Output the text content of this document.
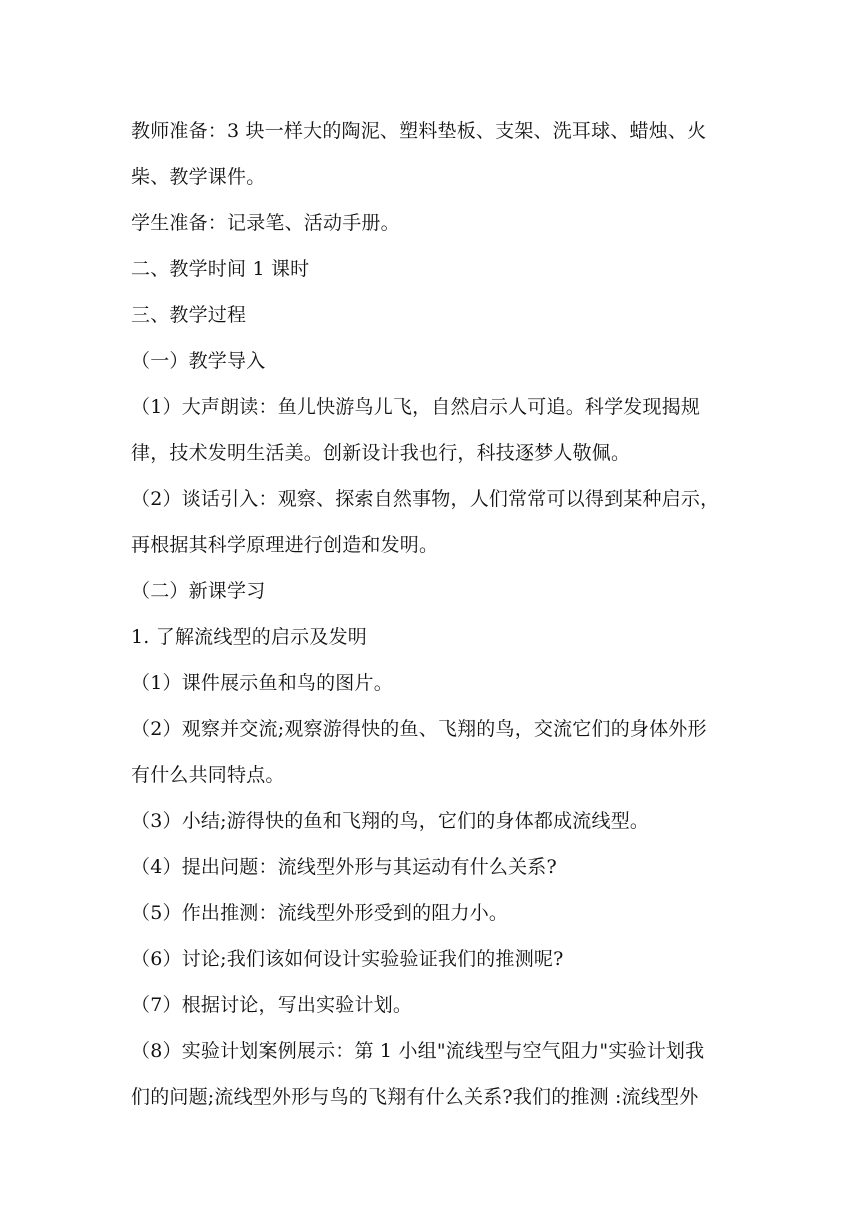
教师准备：3 块一样大的陶泥、塑料垫板、支架、洗耳球、蜡烛、火
柴、教学课件。
学生准备：记录笔、活动手册。
二、教学时间 1 课时
三、教学过程
（一）教学导入
（1）大声朗读：鱼儿快游鸟儿飞，自然启示人可追。科学发现揭规
律，技术发明生活美。创新设计我也行，科技逐梦人敬佩。
（2）谈话引入：观察、探索自然事物，人们常常可以得到某种启示，
再根据其科学原理进行创造和发明。
（二）新课学习
1. 了解流线型的启示及发明
（1）课件展示鱼和鸟的图片。
（2）观察并交流;观察游得快的鱼、飞翔的鸟，交流它们的身体外形
有什么共同特点。
（3）小结;游得快的鱼和飞翔的鸟，它们的身体都成流线型。
（4）提出问题：流线型外形与其运动有什么关系?
（5）作出推测：流线型外形受到的阻力小。
（6）讨论;我们该如何设计实验验证我们的推测呢?
（7）根据讨论，写出实验计划。
（8）实验计划案例展示：第 1 小组"流线型与空气阻力"实验计划我
们的问题;流线型外形与鸟的飞翔有什么关系?我们的推测 :流线型外
